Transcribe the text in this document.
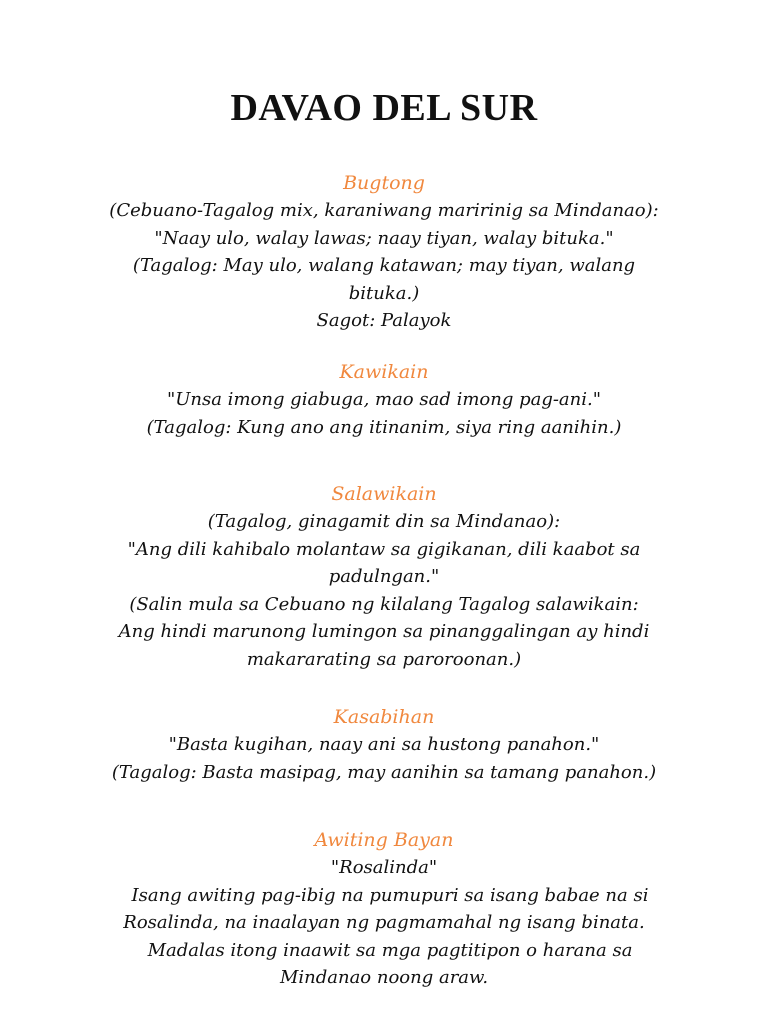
DAVAO DEL SUR
Bugtong
(Cebuano-Tagalog mix, karaniwang maririnig sa Mindanao):
"Naay ulo, walay lawas; naay tiyan, walay bituka."
(Tagalog: May ulo, walang katawan; may tiyan, walang
bituka.)
Sagot: Palayok
Kawikain
"Unsa imong giabuga, mao sad imong pag-ani."
(Tagalog: Kung ano ang itinanim, siya ring aanihin.)
Salawikain
(Tagalog, ginagamit din sa Mindanao):
"Ang dili kahibalo molantaw sa gigikanan, dili kaabot sa
padulngan."
(Salin mula sa Cebuano ng kilalang Tagalog salawikain:
Ang hindi marunong lumingon sa pinanggalingan ay hindi
makararating sa paroroonan.)
Kasabihan
"Basta kugihan, naay ani sa hustong panahon."
(Tagalog: Basta masipag, may aanihin sa tamang panahon.)
Awiting Bayan
"Rosalinda"
Isang awiting pag-ibig na pumupuri sa isang babae na si
Rosalinda, na inaalayan ng pagmamahal ng isang binata.
Madalas itong inaawit sa mga pagtitipon o harana sa
Mindanao noong araw.
